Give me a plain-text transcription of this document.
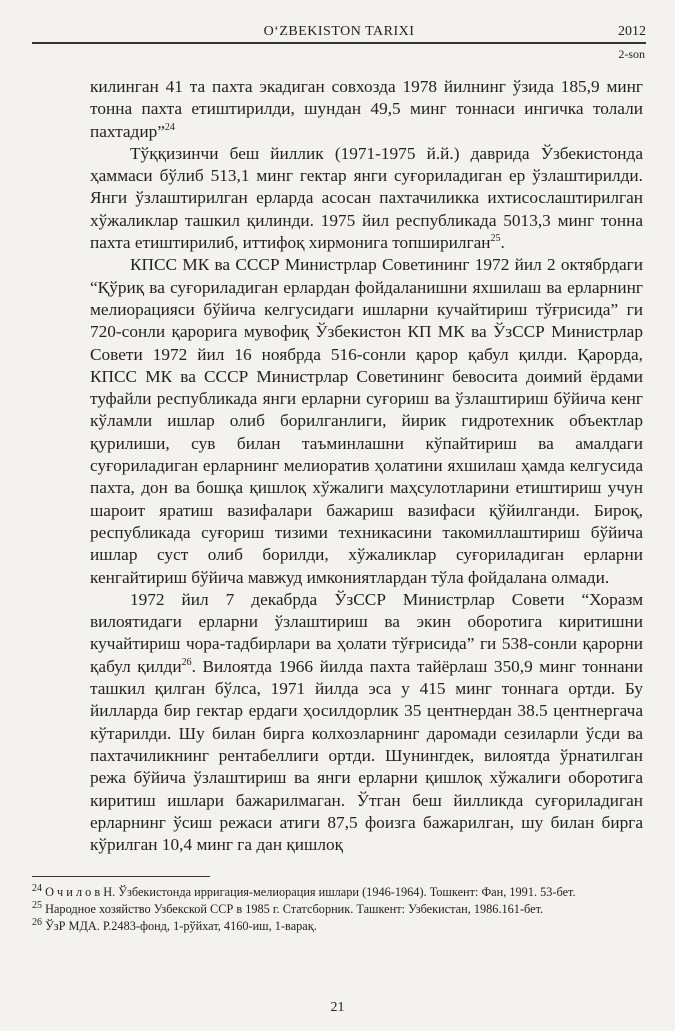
O‘ZBEKISTON TARIXI	2012
2-son

килинган 41 та пахта экадиган совхозда 1978 йилнинг ўзида 185,9 минг тонна пахта етиштирилди, шундан 49,5 минг тоннаси ингичка толали пахтадир”$^{24}$

Тўққизинчи беш йиллик (1971-1975 й.й.) даврида Ўзбекистонда ҳаммаси бўлиб 513,1 минг гектар янги суғориладиган ер ўзлаштирилди. Янги ўзлаштирилган ерларда асосан пахтачиликка ихтисослаштирилган хўжаликлар ташкил қилинди. 1975 йил республикада 5013,3 минг тонна пахта етиштирилиб, иттифоқ хирмонига топширилган$^{25}$.

КПСС МК ва СССР Министрлар Советининг 1972 йил 2 октябрдаги “Қўриқ ва суғориладиган ерлардан фойдаланишни яхшилаш ва ерларнинг мелиорацияси бўйича келгусидаги ишларни кучайтириш тўғрисида” ги 720-сонли қарорига мувофиқ Ўзбекистон КП МК ва ЎзССР Министрлар Совети 1972 йил 16 ноябрда 516-сонли қарор қабул қилди. Қарорда, КПСС МК ва СССР Министрлар Советининг бевосита доимий ёрдами туфайли республикада янги ерларни суғориш ва ўзлаштириш бўйича кенг кўламли ишлар олиб борилганлиги, йирик гидротехник объектлар қурилиши, сув билан таъминлашни кўпайтириш ва амалдаги суғориладиган ерларнинг мелиоратив ҳолатини яхшилаш ҳамда келгусида пахта, дон ва бошқа қишлоқ хўжалиги маҳсулотларини етиштириш учун шароит яратиш вазифалари бажариш вазифаси қўйилганди. Бироқ, республикада суғориш тизими техникасини такомиллаштириш бўйича ишлар суст олиб борилди, хўжаликлар суғориладиган ерларни кенгайтириш бўйича мавжуд имкониятлардан тўла фойдалана олмади.

1972 йил 7 декабрда ЎзССР Министрлар Совети “Хоразм вилоятидаги ерларни ўзлаштириш ва экин оборотига киритишни кучайтириш чора-тадбирлари ва ҳолати тўғрисида” ги 538-сонли қарорни қабул қилди$^{26}$. Вилоятда 1966 йилда пахта тайёрлаш 350,9 минг тоннани ташкил қилган бўлса, 1971 йилда эса у 415 минг тоннага ортди. Бу йилларда бир гектар ердаги ҳосилдорлик 35 центнердан 38.5 центнергача кўтарилди. Шу билан бирга колхозларнинг даромади сезиларли ўсди ва пахтачиликнинг рентабеллиги ортди. Шунингдек, вилоятда ўрнатилган режа бўйича ўзлаштириш ва янги ерларни қишлоқ хўжалиги оборотига киритиш ишлари бажарилмаган. Ўтган беш йилликда суғориладиган ерларнинг ўсиш режаси атиги 87,5 фоизга бажарилган, шу билан бирга кўрилган 10,4 минг га дан қишлоқ

$^{24}$ О ч и л о в Н. Ўзбекистонда ирригация-мелиорация ишлари (1946-1964). Тошкент: Фан, 1991. 53-бет.

$^{25}$ Народное хозяйство Узбекской ССР в 1985 г. Статсборник. Ташкент: Узбекистан, 1986.161-бет.

$^{26}$ ЎзР МДА. Р.2483-фонд, 1-рўйхат, 4160-иш, 1-варақ.

21
